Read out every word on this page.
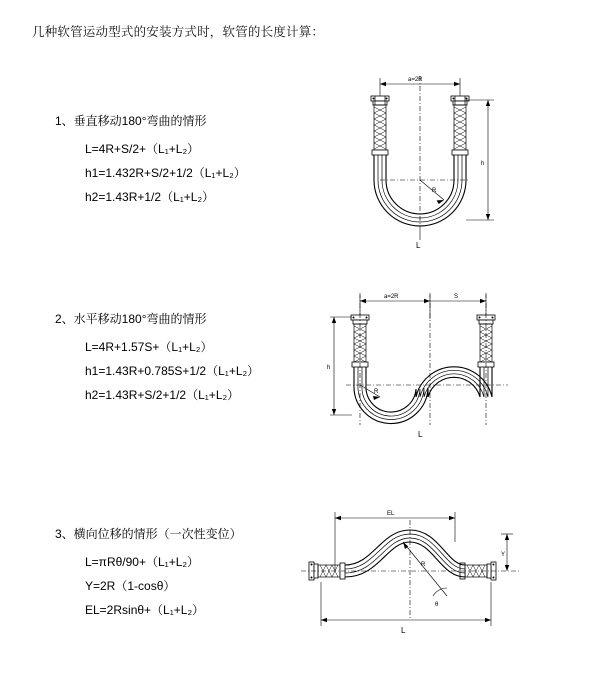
几种软管运动型式的安装方式时，软管的长度计算：
1、垂直移动180°弯曲的情形
L=4R+S/2+（L₁+L₂）
h1=1.432R+S/2+1/2（L₁+L₂）
h2=1.43R+1/2（L₁+L₂）
a=2R
R
h
L
2、水平移动180°弯曲的情形
L=4R+1.57S+（L₁+L₂）
h1=1.43R+0.785S+1/2（L₁+L₂）
h2=1.43R+S/2+1/2（L₁+L₂）
a=2R	S
R
h
L
3、横向位移的情形（一次性变位）
L=πRθ/90+（L₁+L₂）
Y=2R（1-cosθ）
EL=2Rsinθ+（L₁+L₂）
EL
Y
R
θ
L
